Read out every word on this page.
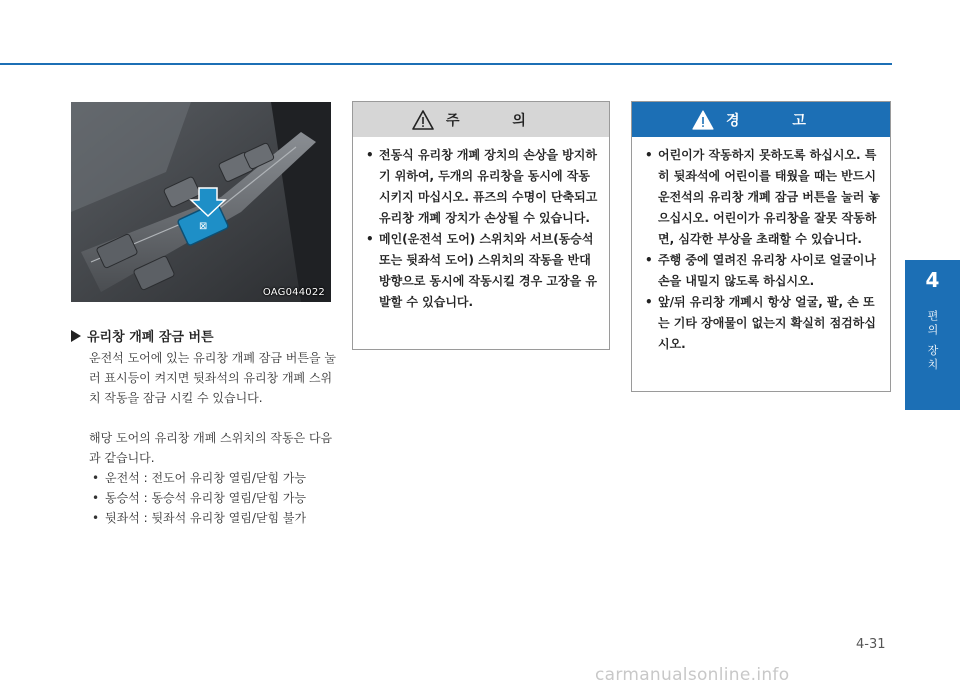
⊠
OAG044022
유리창 개폐 잠금 버튼

운전석 도어에 있는 유리창 개폐 잠금 버튼을 눌러 표시등이 켜지면 뒷좌석의 유리창 개폐 스위치 작동을 잠금 시킬 수 있습니다.

해당 도어의 유리창 개폐 스위치의 작동은 다음과 같습니다.

• 운전석 : 전도어 유리창 열림/닫힘 가능
• 동승석 : 동승석 유리창 열림/닫힘 가능
• 뒷좌석 : 뒷좌석 유리창 열림/닫힘 불가
주 의
• 전동식 유리창 개폐 장치의 손상을 방지하기 위하여, 두개의 유리창을 동시에 작동시키지 마십시오. 퓨즈의 수명이 단축되고 유리창 개폐 장치가 손상될 수 있습니다.
• 메인(운전석 도어) 스위치와 서브(동승석 또는 뒷좌석 도어) 스위치의 작동을 반대방향으로 동시에 작동시킬 경우 고장을 유발할 수 있습니다.
경 고
• 어린이가 작동하지 못하도록 하십시오. 특히 뒷좌석에 어린이를 태웠을 때는 반드시 운전석의 유리창 개폐 잠금 버튼을 눌러 놓으십시오. 어린이가 유리창을 잘못 작동하면, 심각한 부상을 초래할 수 있습니다.
• 주행 중에 열려진 유리창 사이로 얼굴이나 손을 내밀지 않도록 하십시오.
• 앞/뒤 유리창 개폐시 항상 얼굴, 팔, 손 또는 기타 장애물이 없는지 확실히 점검하십시오.
4
편의 장치
4-31
carmanualsonline.info
